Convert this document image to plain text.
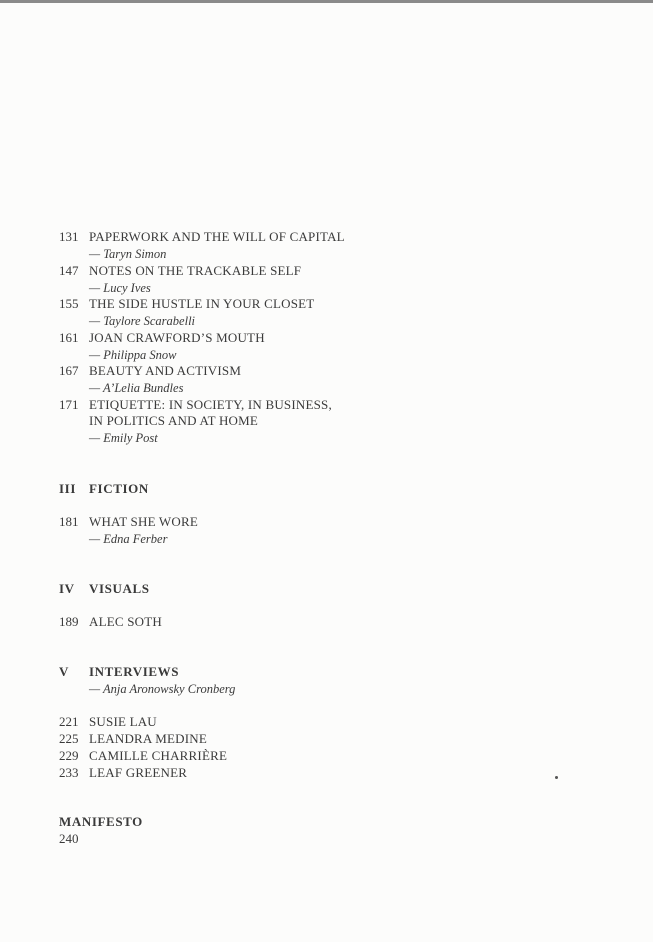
131 PAPERWORK AND THE WILL OF CAPITAL
— Taryn Simon
147 NOTES ON THE TRACKABLE SELF
— Lucy Ives
155 THE SIDE HUSTLE IN YOUR CLOSET
— Taylore Scarabelli
161 JOAN CRAWFORD’S MOUTH
— Philippa Snow
167 BEAUTY AND ACTIVISM
— A’Lelia Bundles
171 ETIQUETTE: IN SOCIETY, IN BUSINESS,
IN POLITICS AND AT HOME
— Emily Post
III FICTION
181 WHAT SHE WORE
— Edna Ferber
IV VISUALS
189 ALEC SOTH
V INTERVIEWS
— Anja Aronowsky Cronberg
221 SUSIE LAU
225 LEANDRA MEDINE
229 CAMILLE CHARRIÈRE
233 LEAF GREENER
MANIFESTO
240
